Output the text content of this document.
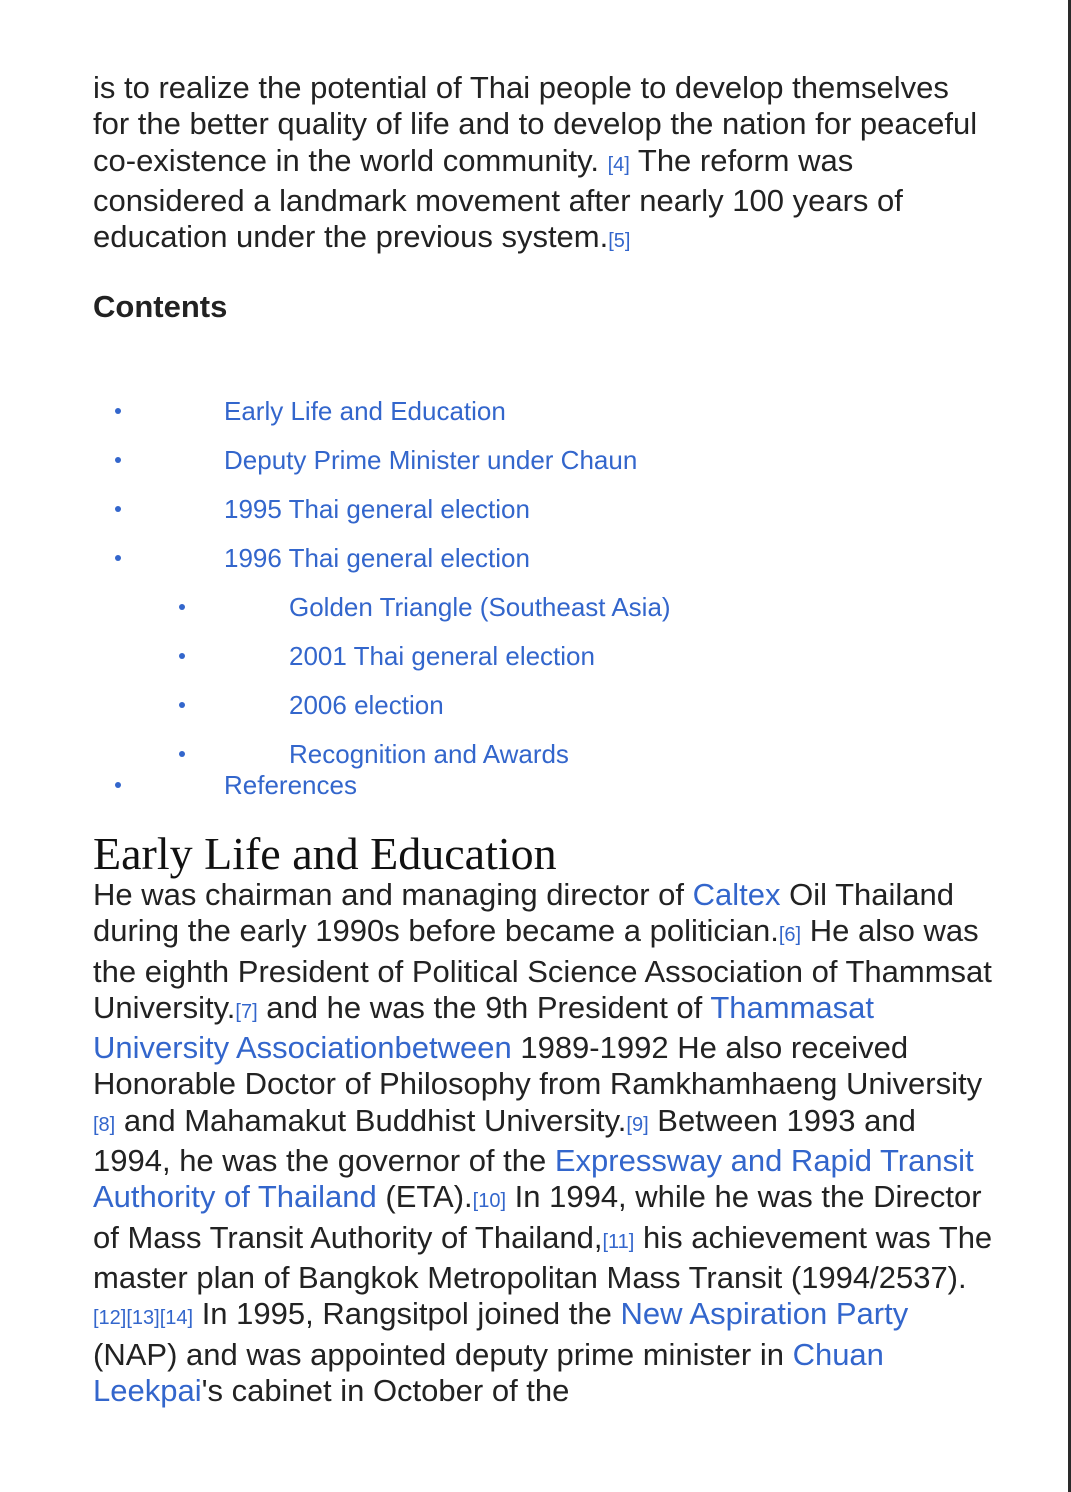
is to realize the potential of Thai people to develop themselves for the better quality of life and to develop the nation for peaceful co-existence in the world community. [4] The reform was considered a landmark movement after nearly 100 years of education under the previous system.[5]

Contents
Early Life and Education
Deputy Prime Minister under Chaun
1995 Thai general election
1996 Thai general election
Golden Triangle (Southeast Asia)
2001 Thai general election
2006 election
Recognition and Awards
References
Early Life and Education

He was chairman and managing director of Caltex Oil Thailand during the early 1990s before became a politician.[6] He also was the eighth President of Political Science Association of Thammsat University.[7] and he was the 9th President of Thammasat University Associationbetween 1989-1992 He also received Honorable Doctor of Philosophy from Ramkhamhaeng University [8] and Mahamakut Buddhist University.[9] Between 1993 and 1994, he was the governor of the Expressway and Rapid Transit Authority of Thailand (ETA).[10] In 1994, while he was the Director of Mass Transit Authority of Thailand,[11] his achievement was The master plan of Bangkok Metropolitan Mass Transit (1994/2537).[12][13][14] In 1995, Rangsitpol joined the New Aspiration Party (NAP) and was appointed deputy prime minister in Chuan Leekpai's cabinet in October of the
